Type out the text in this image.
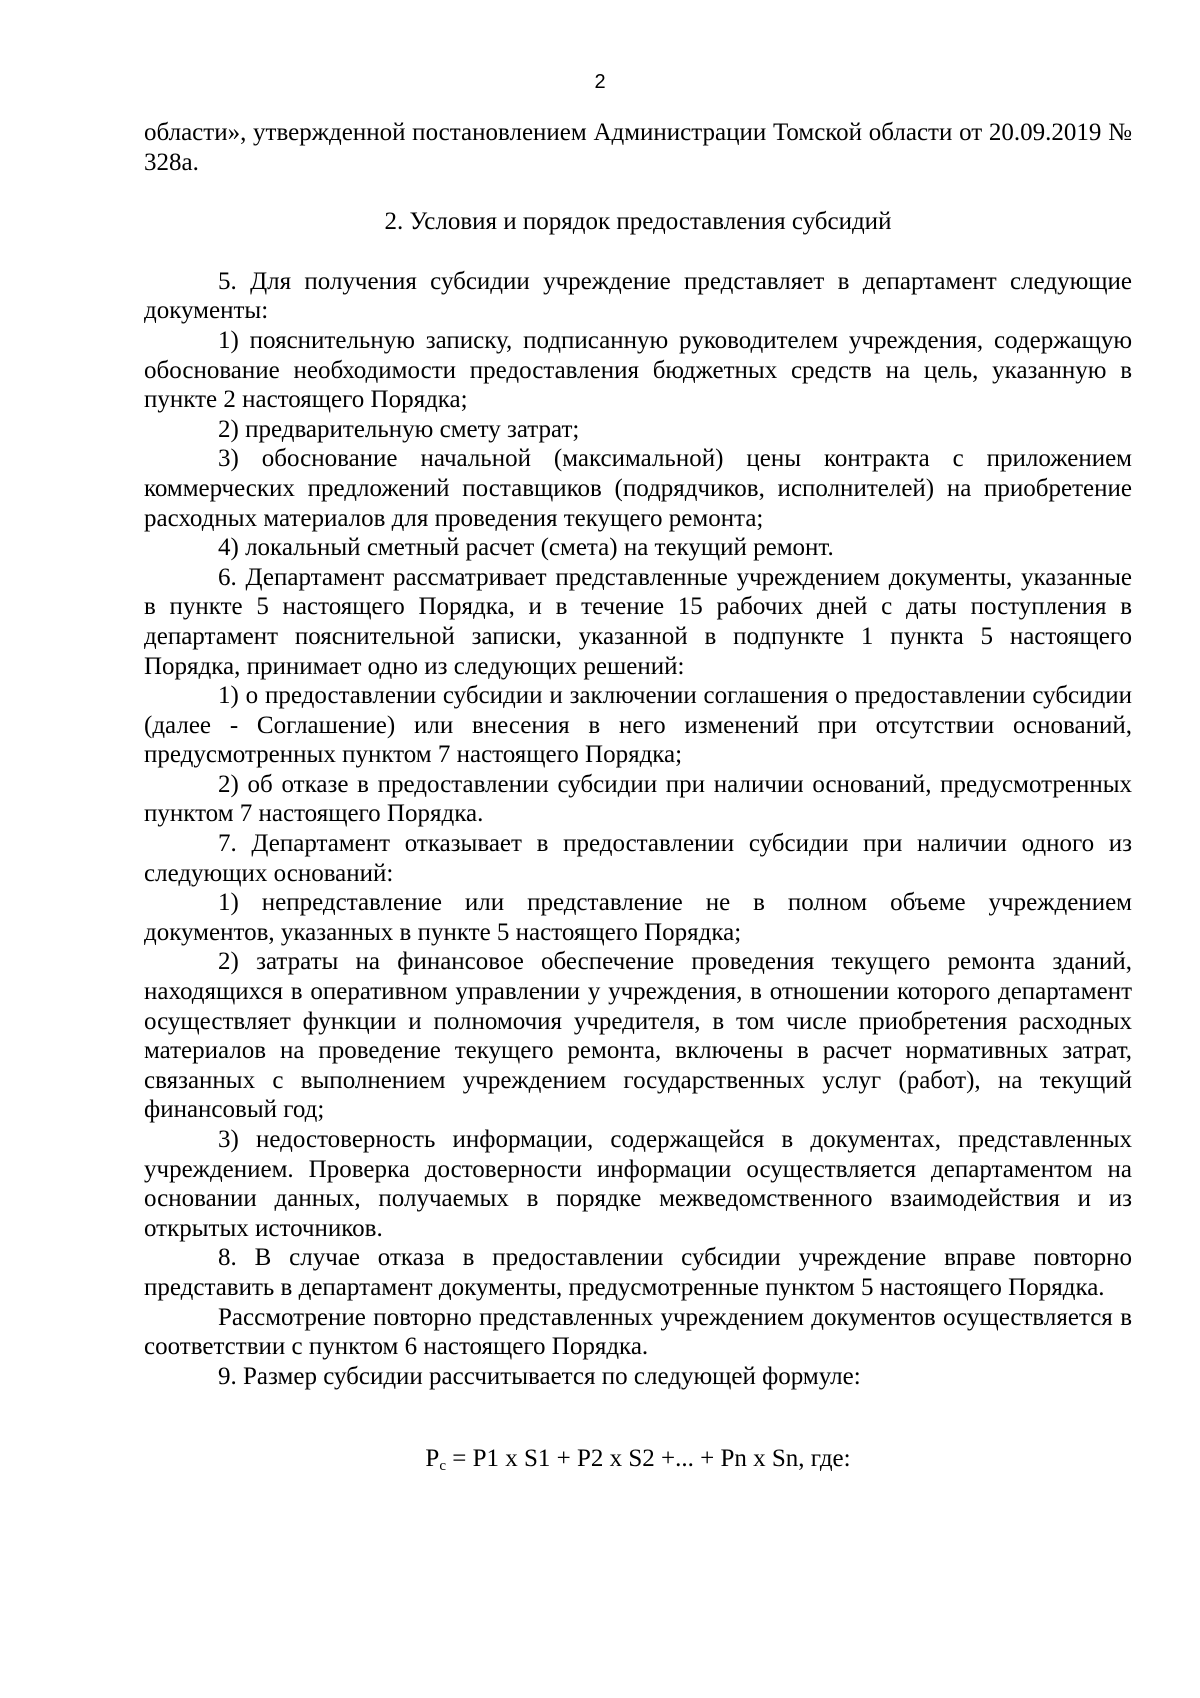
2

области», утвержденной постановлением Администрации Томской области от 20.09.2019 № 328а.

2. Условия и порядок предоставления субсидий

5. Для получения субсидии учреждение представляет в департамент следующие документы:

1) пояснительную записку, подписанную руководителем учреждения, содержащую обоснование необходимости предоставления бюджетных средств на цель, указанную в пункте 2 настоящего Порядка;

2) предварительную смету затрат;

3) обоснование начальной (максимальной) цены контракта с приложением коммерческих предложений поставщиков (подрядчиков, исполнителей) на приобретение расходных материалов для проведения текущего ремонта;

4) локальный сметный расчет (смета) на текущий ремонт.

6. Департамент рассматривает представленные учреждением документы, указанные в пункте 5 настоящего Порядка, и в течение 15 рабочих дней с даты поступления в департамент пояснительной записки, указанной в подпункте 1 пункта 5 настоящего Порядка, принимает одно из следующих решений:

1) о предоставлении субсидии и заключении соглашения о предоставлении субсидии (далее - Соглашение) или внесения в него изменений при отсутствии оснований, предусмотренных пунктом 7 настоящего Порядка;

2) об отказе в предоставлении субсидии при наличии оснований, предусмотренных пунктом 7 настоящего Порядка.

7. Департамент отказывает в предоставлении субсидии при наличии одного из следующих оснований:

1) непредставление или представление не в полном объеме учреждением документов, указанных в пункте 5 настоящего Порядка;

2) затраты на финансовое обеспечение проведения текущего ремонта зданий, находящихся в оперативном управлении у учреждения, в отношении которого департамент осуществляет функции и полномочия учредителя, в том числе приобретения расходных материалов на проведение текущего ремонта, включены в расчет нормативных затрат, связанных с выполнением учреждением государственных услуг (работ), на текущий финансовый год;

3) недостоверность информации, содержащейся в документах, представленных учреждением. Проверка достоверности информации осуществляется департаментом на основании данных, получаемых в порядке межведомственного взаимодействия и из открытых источников.

8. В случае отказа в предоставлении субсидии учреждение вправе повторно представить в департамент документы, предусмотренные пунктом 5 настоящего Порядка.

Рассмотрение повторно представленных учреждением документов осуществляется в соответствии с пунктом 6 настоящего Порядка.

9. Размер субсидии рассчитывается по следующей формуле:

$P_c = P1$ x S1 + P2 x S2 +... + Pn x Sn, где:
